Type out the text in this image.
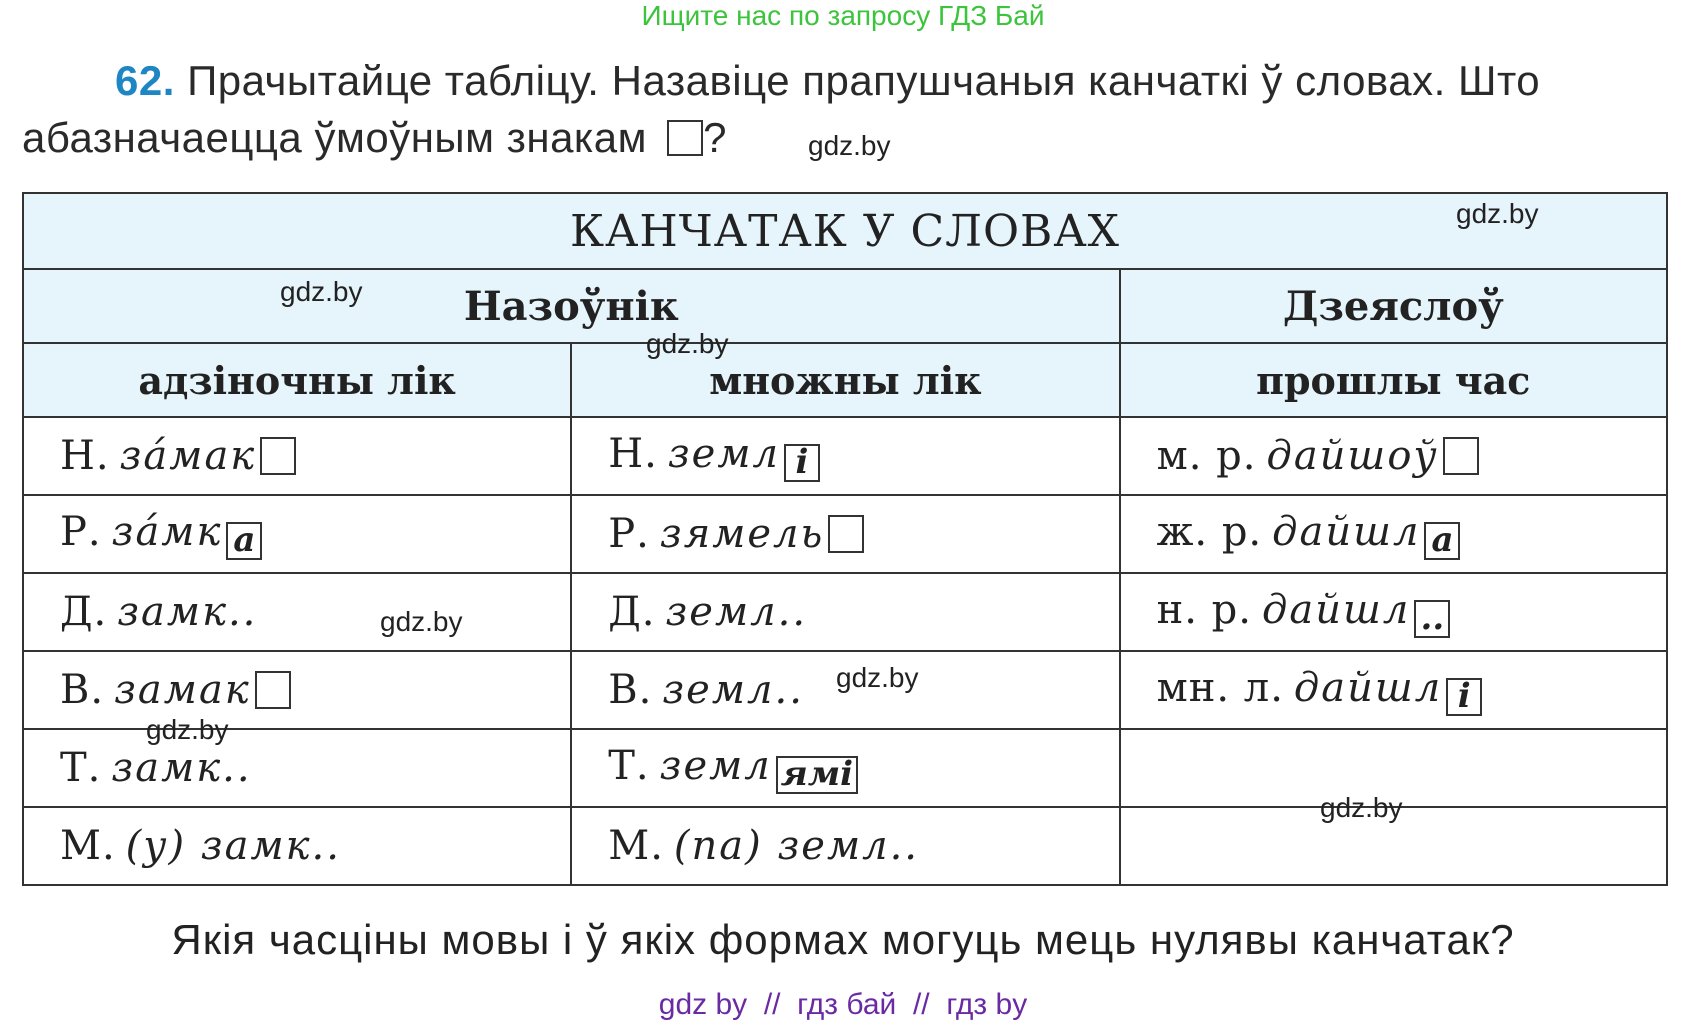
Ищите нас по запросу ГДЗ Бай
62. Прачытайце табліцу. Назавіце прапушчаныя канчаткі ў словах. Што абазначаецца ўмоўным знакам ?
КАНЧАТАК У СЛОВАХ		
Назоўнік		Дзеяслоў
адзіночны лік	множны лік	прошлы час
Н. за́мак	Н. земл і	м. р. дайшоў
Р. за́мк а	Р. зямель	ж. р. дайшл а
Д. замк..	Д. земл..	н. р. дайшл ..
В. замак	В. земл..	мн. л. дайшл і
Т. замк..	Т. земл ямі	
М. (у) замк..	М. (па) земл..	
gdz.by
gdz.by
gdz.by
gdz.by
gdz.by
gdz.by
gdz.by
gdz.by
Якія часціны мовы і ў якіх формах могуць мець нулявы канчатак?
gdz by  //  гдз бай  //  гдз by
